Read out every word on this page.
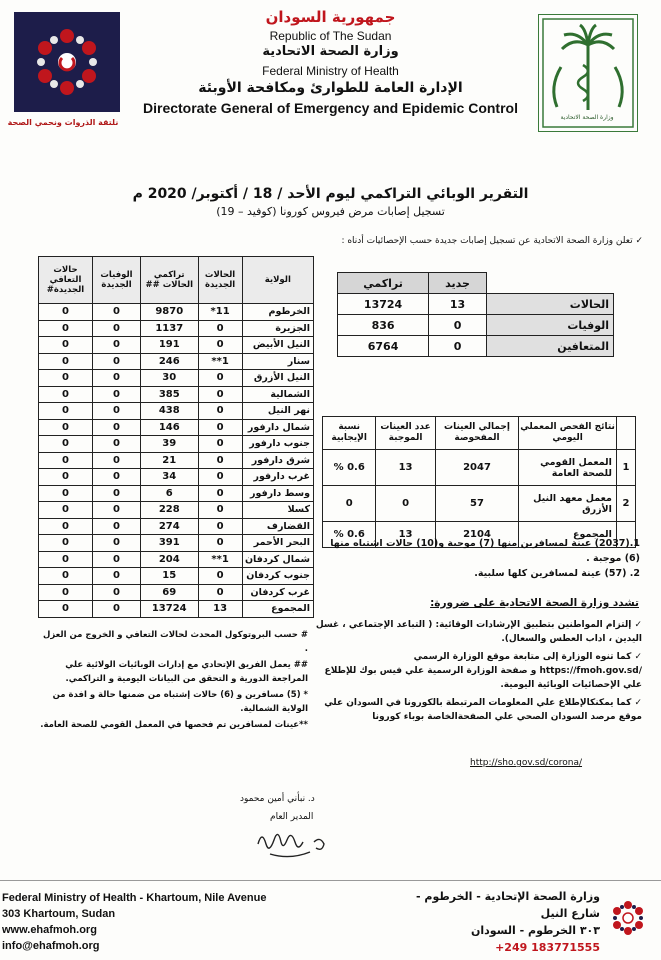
جمهورية السودان
Republic of The Sudan
وزارة الصحة الاتحادية
Federal Ministry of Health
الإدارة العامة للطوارئ ومكافحة الأوبئة
Directorate General of Emergency and Epidemic Control
نلتقة الذروات ونحمي الصحة
وزارة الصحة الاتحادية
التقرير الوبائي التراكمي ليوم الأحد / 18 / أكتوبر/ 2020 م
تسجيل إصابات مرض فيروس كورونا (كوفيد – 19)
✓ تعلن وزارة الصحة الاتحادية عن تسجيل إصابات جديدة حسب الإحصائيات أدناه :
	جديد	تراكمي
الحالات	13	13724
الوفيات	0	836
المتعافين	0	6764
الولاية	الحالات الجديدة	تراكمي الحالات ##	الوفيات الجديدة	حالات التعافي الجديدة#
الخرطوم	11*	9870	0	0
الجزيرة	0	1137	0	0
النيل الأبيض	0	191	0	0
سنار	1**	246	0	0
النيل الأزرق	0	30	0	0
الشمالية	0	385	0	0
نهر النيل	0	438	0	0
شمال دارفور	0	146	0	0
جنوب دارفور	0	39	0	0
شرق دارفور	0	21	0	0
غرب دارفور	0	34	0	0
وسط دارفور	0	6	0	0
كسلا	0	228	0	0
القضارف	0	274	0	0
البحر الأحمر	0	391	0	0
شمال كردفان	1**	204	0	0
جنوب كردفان	0	15	0	0
غرب كردفان	0	69	0	0
المجموع	13	13724	0	0
	نتائج الفحص المعملي اليومي	إجمالي العينات المفحوصة	عدد العينات الموجبة	نسبة الإيجابية
1	المعمل القومي للصحة العامة	2047	13	0.6 %
2	معمل معهد النيل الأزرق	57	0	0
	المجموع	2104	13	0.6 %
1.(2037) عينة لمسافرين منها (7) موجبة و(10) حالات اشتباه منها (6) موجبة .
2. (57) عينة لمسافرين كلها سلبية.
تشدد وزارة الصحة الاتحادية على ضرورة:

✓ إلتزام المواطنين بتطبيق الإرشادات الوقائية: ( التباعد الإجتماعي ، غسل اليدين ، اداب العطس والسعال).

✓ كما تنوه الوزارة إلى متابعة موقع الوزارة الرسمي /https://fmoh.gov.sd و صفحة الوزارة الرسمية علي فيس بوك للإطلاع علي الإحصائيات الوبائية اليومية.

✓ كما يمكنكالإطلاع علي المعلومات المرتبطة بالكورونا في السودان علي موقع مرصد السودان الصحي علي الصفحةالخاصة بوباء كورونا

http://sho.gov.sd/corona/

# حسب البروتوكول المحدث لحالات التعافي و الخروج من العزل .

## يعمل الفريق الإتحادي مع إدارات الوبائيات الولائية علي المراجعة الدورية و التحقق من البيانات اليومية و التراكمي.

* (5) مسافرين و (6) حالات إشتباه من ضمنها حالة و افدة من الولاية الشمالية.

**عينات لمسافرين تم فحصها في المعمل القومي للصحة العامة.

د. نبأني أمين محمود
المدير العام
Federal Ministry of Health - Khartoum, Nile Avenue
303 Khartoum, Sudan
www.ehafmoh.org
info@ehafmoh.org
وزارة الصحة الإتحادية - الخرطوم - شارع النيل
٣٠٣ الخرطوم - السودان
+249 183771555
